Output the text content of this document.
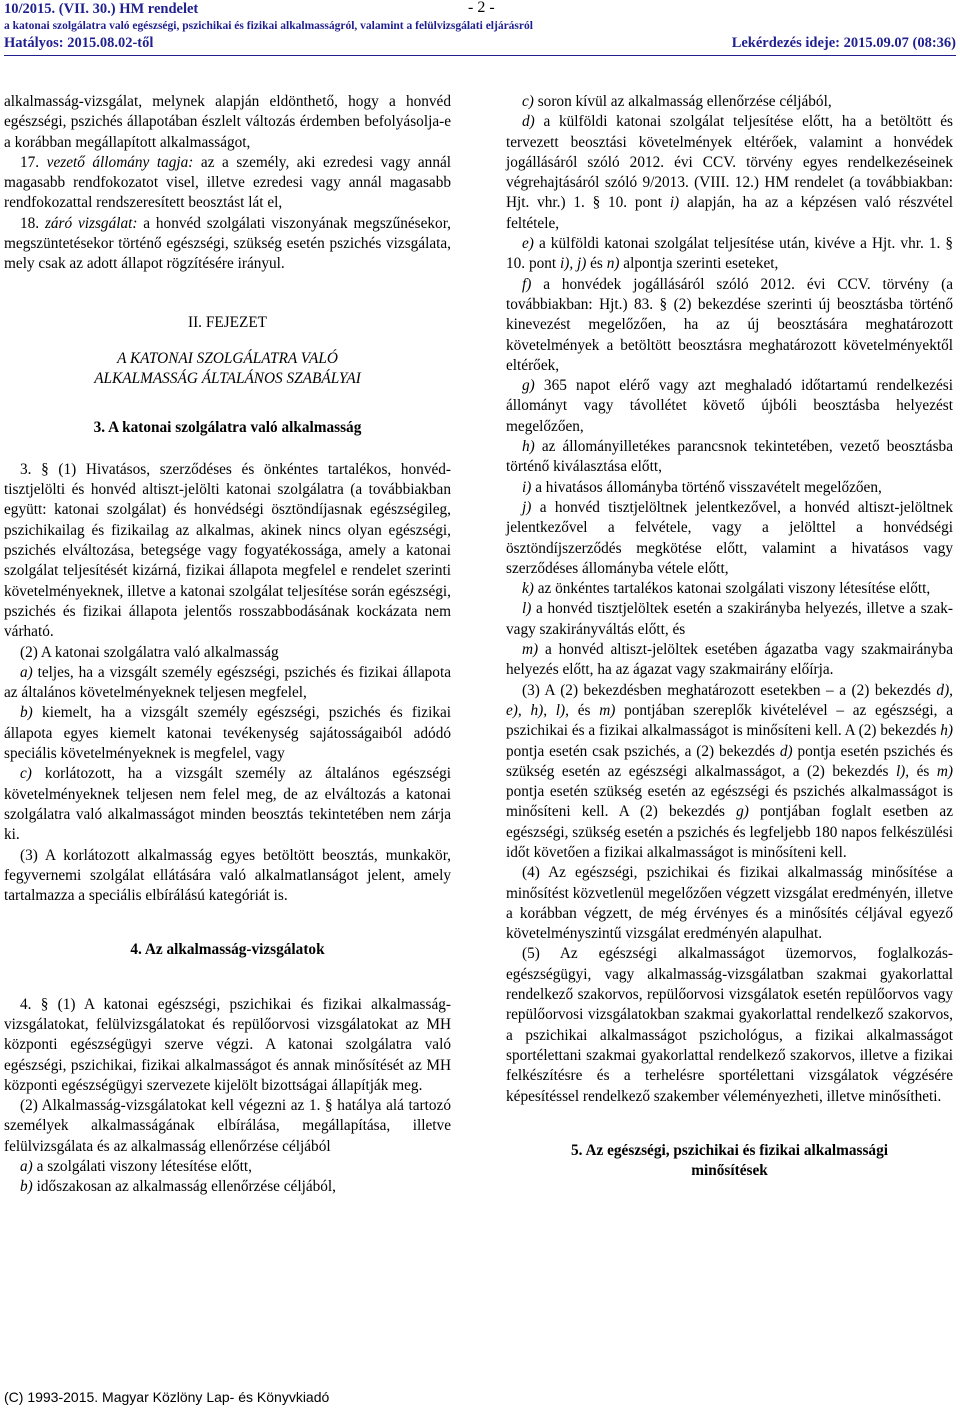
10/2015. (VII. 30.) HM rendelet	- 2 -
a katonai szolgálatra való egészségi, pszichikai és fizikai alkalmasságról, valamint a felülvizsgálati eljárásról
Hatályos: 2015.08.02-től	Lekérdezés ideje: 2015.09.07 (08:36)

alkalmasság-vizsgálat, melynek alapján eldönthető, hogy a honvéd egészségi, pszichés állapotában észlelt változás érdemben befolyásolja-e a korábban megállapított alkalmasságot,

17. vezető állomány tagja: az a személy, aki ezredesi vagy annál magasabb rendfokozatot visel, illetve ezredesi vagy annál magasabb rendfokozattal rendszeresített beosztást lát el,

18. záró vizsgálat: a honvéd szolgálati viszonyának megszűnésekor, megszüntetésekor történő egészségi, szükség esetén pszichés vizsgálata, mely csak az adott állapot rögzítésére irányul.

II. FEJEZET

A KATONAI SZOLGÁLATRA VALÓ ALKALMASSÁG ÁLTALÁNOS SZABÁLYAI

3. A katonai szolgálatra való alkalmasság

3. § (1) Hivatásos, szerződéses és önkéntes tartalékos, honvéd-tisztjelölti és honvéd altiszt-jelölti katonai szolgálatra (a továbbiakban együtt: katonai szolgálat) és honvédségi ösztöndíjasnak egészségileg, pszichikailag és fizikailag az alkalmas, akinek nincs olyan egészségi, pszichés elváltozása, betegsége vagy fogyatékossága, amely a katonai szolgálat teljesítését kizárná, fizikai állapota megfelel e rendelet szerinti követelményeknek, illetve a katonai szolgálat teljesítése során egészségi, pszichés és fizikai állapota jelentős rosszabbodásának kockázata nem várható.

(2) A katonai szolgálatra való alkalmasság

a) teljes, ha a vizsgált személy egészségi, pszichés és fizikai állapota az általános követelményeknek teljesen megfelel,

b) kiemelt, ha a vizsgált személy egészségi, pszichés és fizikai állapota egyes kiemelt katonai tevékenység sajátosságaiból adódó speciális követelményeknek is megfelel, vagy

c) korlátozott, ha a vizsgált személy az általános egészségi követelményeknek teljesen nem felel meg, de az elváltozás a katonai szolgálatra való alkalmasságot minden beosztás tekintetében nem zárja ki.

(3) A korlátozott alkalmasság egyes betöltött beosztás, munkakör, fegyvernemi szolgálat ellátására való alkalmatlanságot jelent, amely tartalmazza a speciális elbírálású kategóriát is.

4. Az alkalmasság-vizsgálatok

4. § (1) A katonai egészségi, pszichikai és fizikai alkalmasság-vizsgálatokat, felülvizsgálatokat és repülőorvosi vizsgálatokat az MH központi egészségügyi szerve végzi. A katonai szolgálatra való egészségi, pszichikai, fizikai alkalmasságot és annak minősítését az MH központi egészségügyi szervezete kijelölt bizottságai állapítják meg.

(2) Alkalmasság-vizsgálatokat kell végezni az 1. § hatálya alá tartozó személyek alkalmasságának elbírálása, megállapítása, illetve felülvizsgálata és az alkalmasság ellenőrzése céljából

a) a szolgálati viszony létesítése előtt,

b) időszakosan az alkalmasság ellenőrzése céljából,

c) soron kívül az alkalmasság ellenőrzése céljából,

d) a külföldi katonai szolgálat teljesítése előtt, ha a betöltött és tervezett beosztási követelmények eltérőek, valamint a honvédek jogállásáról szóló 2012. évi CCV. törvény egyes rendelkezéseinek végrehajtásáról szóló 9/2013. (VIII. 12.) HM rendelet (a továbbiakban: Hjt. vhr.) 1. § 10. pont i) alapján, ha az a képzésen való részvétel feltétele,

e) a külföldi katonai szolgálat teljesítése után, kivéve a Hjt. vhr. 1. § 10. pont i), j) és n) alpontja szerinti eseteket,

f) a honvédek jogállásáról szóló 2012. évi CCV. törvény (a továbbiakban: Hjt.) 83. § (2) bekezdése szerinti új beosztásba történő kinevezést megelőzően, ha az új beosztására meghatározott követelmények a betöltött beosztásra meghatározott követelményektől eltérőek,

g) 365 napot elérő vagy azt meghaladó időtartamú rendelkezési állományt vagy távollétet követő újbóli beosztásba helyezést megelőzően,

h) az állományilletékes parancsnok tekintetében, vezető beosztásba történő kiválasztása előtt,

i) a hivatásos állományba történő visszavételt megelőzően,

j) a honvéd tisztjelöltnek jelentkezővel, a honvéd altiszt-jelöltnek jelentkezővel a felvétele, vagy a jelölttel a honvédségi ösztöndíjszerződés megkötése előtt, valamint a hivatásos vagy szerződéses állományba vétele előtt,

k) az önkéntes tartalékos katonai szolgálati viszony létesítése előtt,

l) a honvéd tisztjelöltek esetén a szakirányba helyezés, illetve a szak- vagy szakirányváltás előtt, és

m) a honvéd altiszt-jelöltek esetében ágazatba vagy szakmairányba helyezés előtt, ha az ágazat vagy szakmairány előírja.

(3) A (2) bekezdésben meghatározott esetekben – a (2) bekezdés d), e), h), l), és m) pontjában szereplők kivételével – az egészségi, a pszichikai és a fizikai alkalmasságot is minősíteni kell. A (2) bekezdés h) pontja esetén csak pszichés, a (2) bekezdés d) pontja esetén pszichés és szükség esetén az egészségi alkalmasságot, a (2) bekezdés l), és m) pontja esetén szükség esetén az egészségi és pszichés alkalmasságot is minősíteni kell. A (2) bekezdés g) pontjában foglalt esetben az egészségi, szükség esetén a pszichés és legfeljebb 180 napos felkészülési időt követően a fizikai alkalmasságot is minősíteni kell.

(4) Az egészségi, pszichikai és fizikai alkalmasság minősítése a minősítést közvetlenül megelőzően végzett vizsgálat eredményén, illetve a korábban végzett, de még érvényes és a minősítés céljával egyező követelményszintű vizsgálat eredményén alapulhat.

(5) Az egészségi alkalmasságot üzemorvos, foglalkozás-egészségügyi, vagy alkalmasság-vizsgálatban szakmai gyakorlattal rendelkező szakorvos, repülőorvosi vizsgálatok esetén repülőorvos vagy repülőorvosi vizsgálatokban szakmai gyakorlattal rendelkező szakorvos, a pszichikai alkalmasságot pszichológus, a fizikai alkalmasságot sportélettani szakmai gyakorlattal rendelkező szakorvos, illetve a fizikai felkészítésre és a terhelésre sportélettani vizsgálatok végzésére képesítéssel rendelkező szakember véleményezheti, illetve minősítheti.

5. Az egészségi, pszichikai és fizikai alkalmassági minősítések

(C) 1993-2015. Magyar Közlöny Lap- és Könyvkiadó
